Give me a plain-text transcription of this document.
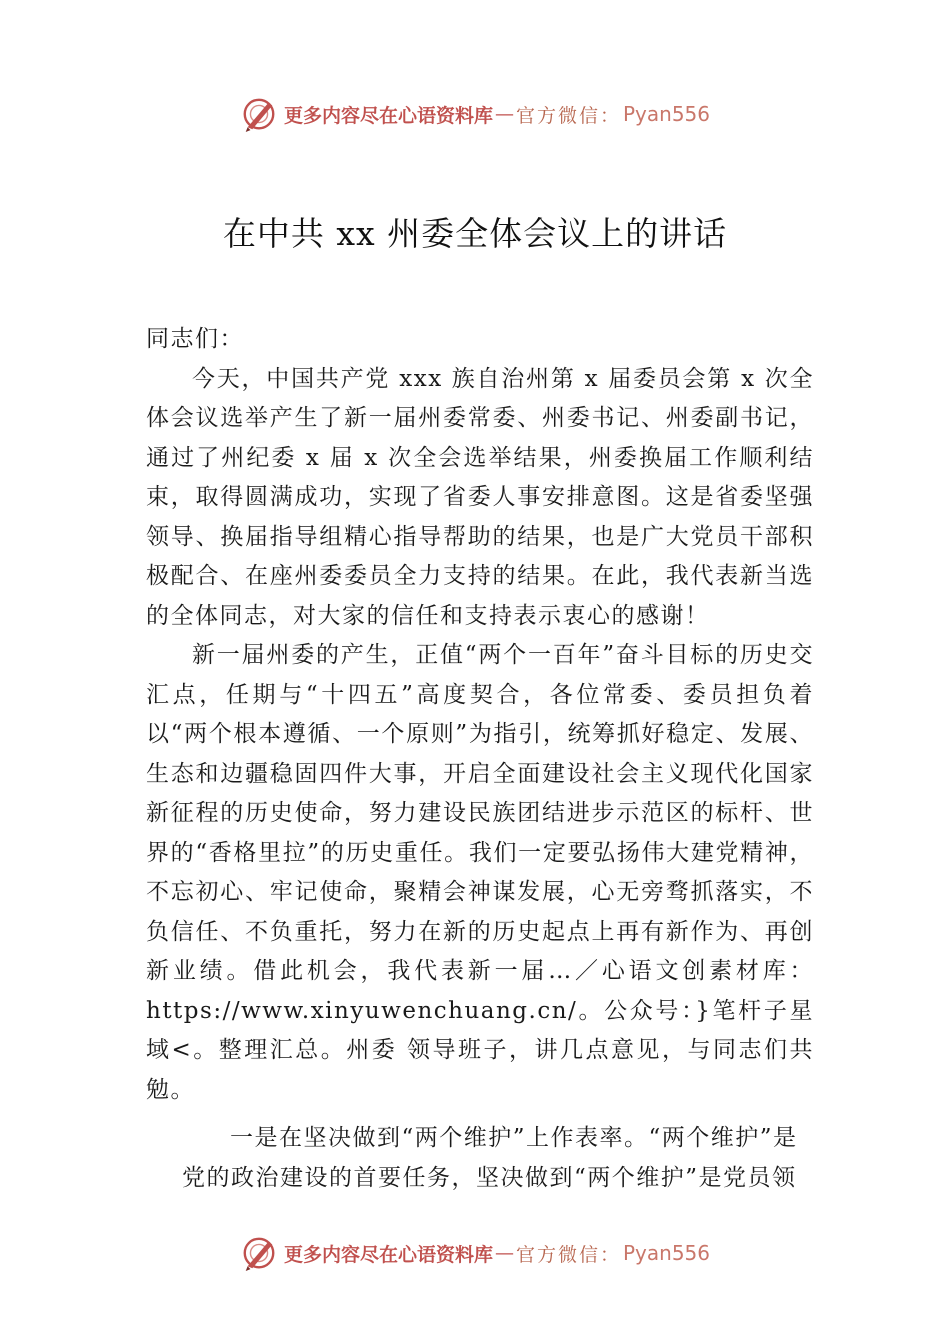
更多内容尽在心语资料库 — 官方微信： Pyan556
在中共 xx 州委全体会议上的讲话

同志们：

今天，中国共产党 xxx 族自治州第 x 届委员会第 x 次全体会议选举产生了新一届州委常委、州委书记、州委副书记，通过了州纪委 x 届 x 次全会选举结果，州委换届工作顺利结束，取得圆满成功，实现了省委人事安排意图。这是省委坚强领导、换届指导组精心指导帮助的结果，也是广大党员干部积极配合、在座州委委员全力支持的结果。在此，我代表新当选的全体同志，对大家的信任和支持表示衷心的感谢！

新一届州委的产生，正值“两个一百年”奋斗目标的历史交汇点，任期与“十四五”高度契合，各位常委、委员担负着以“两个根本遵循、一个原则”为指引，统筹抓好稳定、发展、生态和边疆稳固四件大事，开启全面建设社会主义现代化国家新征程的历史使命，努力建设民族团结进步示范区的标杆、世界的“香格里拉”的历史重任。我们一定要弘扬伟大建党精神，不忘初心、牢记使命，聚精会神谋发展，心无旁骛抓落实，不负信任、不负重托，努力在新的历史起点上再有新作为、再创新业绩。借此机会，我代表新一届…／心语文创素材库：https://www.xinyuwenchuang.cn/。公众号：}笔杆子星域<。整理汇总。州委 领导班子，讲几点意见，与同志们共勉。

一是在坚决做到“两个维护”上作表率。“两个维护”是

党的政治建设的首要任务，坚决做到“两个维护”是党员领

更多内容尽在心语资料库 — 官方微信： Pyan556
